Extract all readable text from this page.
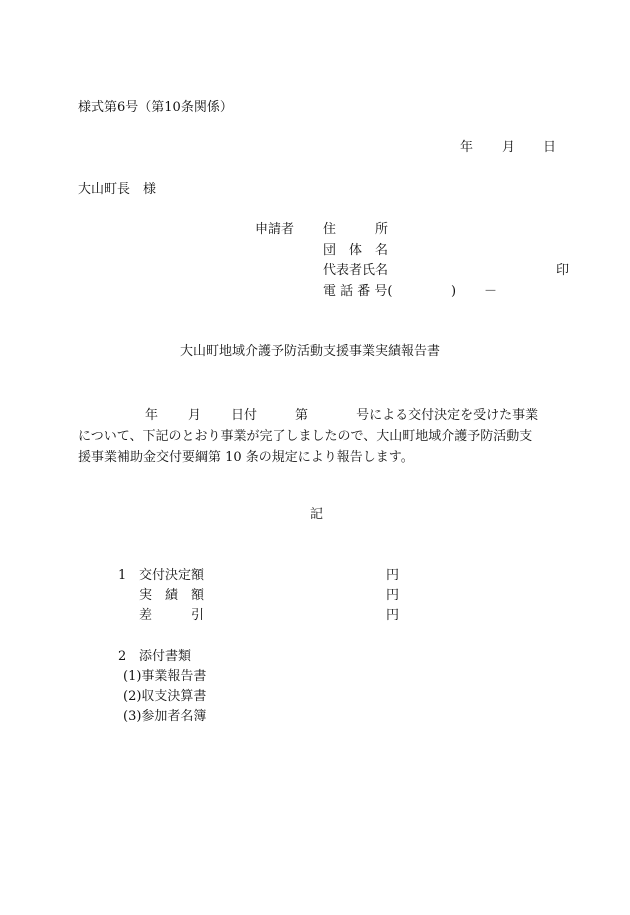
様式第6号（第10条関係）
年 月 日
大山町長　様
申請者 住　　　所
団　体　名
代表者氏名	印
電 話 番 号(	) －
大山町地域介護予防活動支援事業実績報告書
年 月 日付	第	号による交付決定を受けた事業
について、下記のとおり事業が完了しましたので、大山町地域介護予防活動支
援事業補助金交付要綱第 10 条の規定により報告します。
記
1 交付決定額	円
実　績　額	円
差　　　引	円
2 添付書類
(1)事業報告書
(2)収支決算書
(3)参加者名簿
